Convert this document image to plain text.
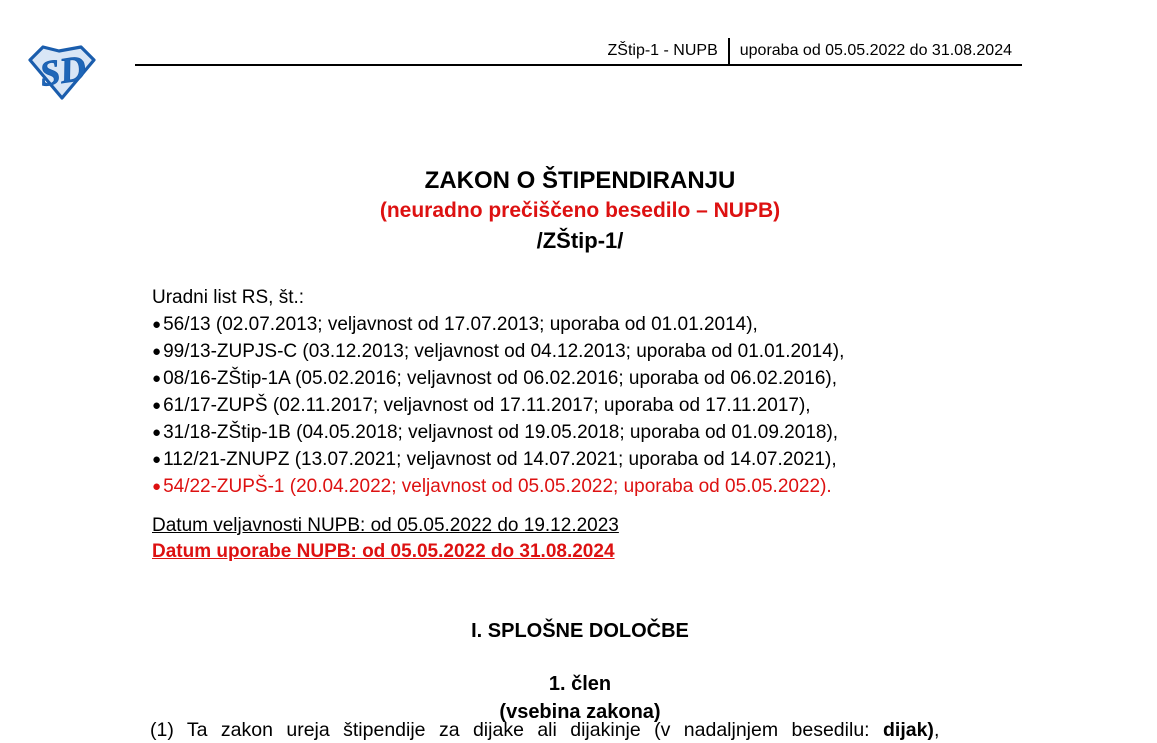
SD	ZŠtip-1 - NUPB	uporaba od 05.05.2022 do 31.08.2024
ZAKON O ŠTIPENDIRANJU
(neuradno prečiščeno besedilo – NUPB)
/ZŠtip-1/
Uradni list RS, št.:
● 56/13 (02.07.2013; veljavnost od 17.07.2013; uporaba od 01.01.2014),
● 99/13-ZUPJS-C (03.12.2013; veljavnost od 04.12.2013; uporaba od 01.01.2014),
● 08/16-ZŠtip-1A (05.02.2016; veljavnost od 06.02.2016; uporaba od 06.02.2016),
● 61/17-ZUPŠ (02.11.2017; veljavnost od 17.11.2017; uporaba od 17.11.2017),
● 31/18-ZŠtip-1B (04.05.2018; veljavnost od 19.05.2018; uporaba od 01.09.2018),
● 112/21-ZNUPZ (13.07.2021; veljavnost od 14.07.2021; uporaba od 14.07.2021),
● 54/22-ZUPŠ-1 (20.04.2022; veljavnost od 05.05.2022; uporaba od 05.05.2022).
Datum veljavnosti NUPB: od 05.05.2022 do 19.12.2023
Datum uporabe NUPB: od 05.05.2022 do 31.08.2024
I. SPLOŠNE DOLOČBE
1. člen
(vsebina zakona)

(1) Ta zakon ureja štipendije za dijake ali dijakinje (v nadaljnjem besedilu: dijak),
